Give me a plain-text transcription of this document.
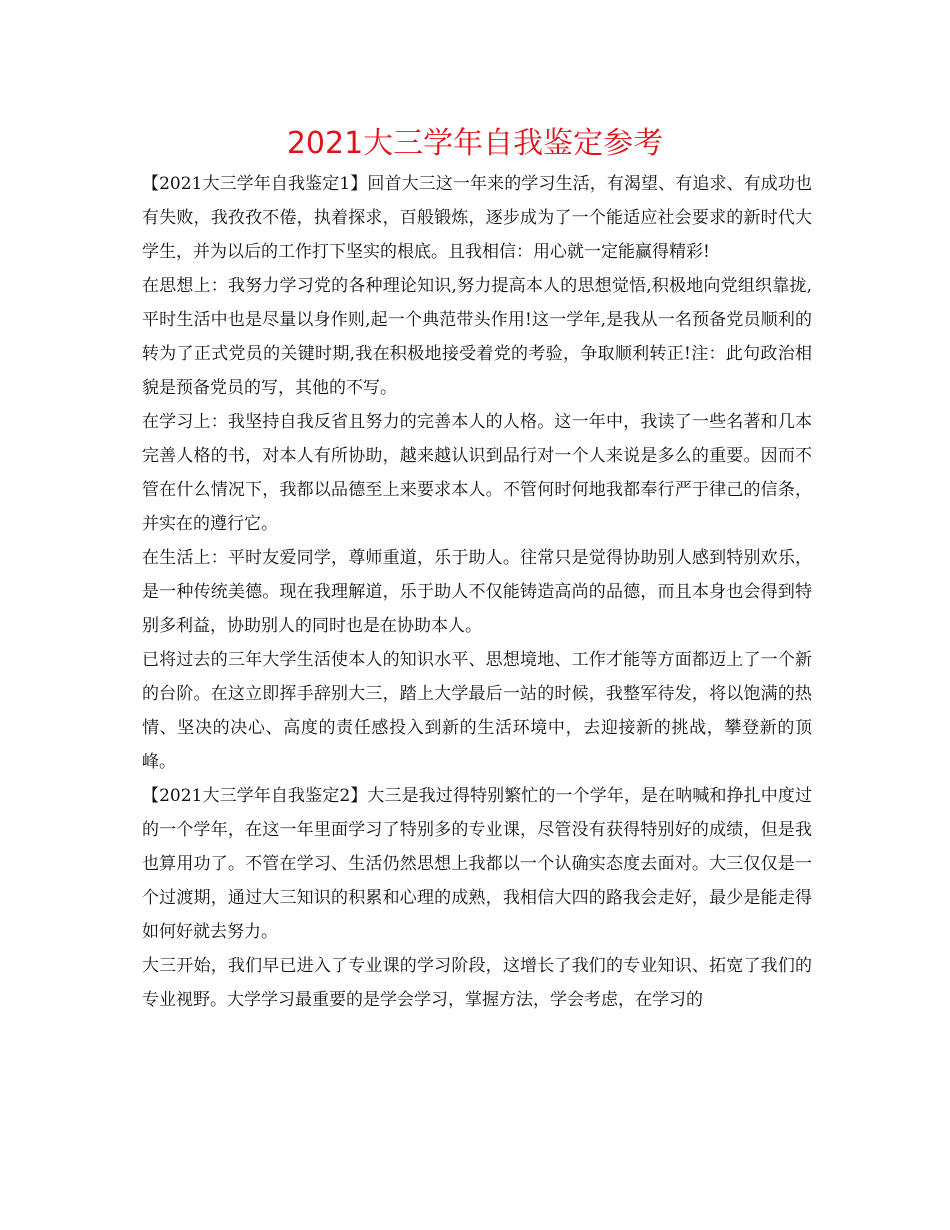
2021大三学年自我鉴定参考

【2021大三学年自我鉴定1】回首大三这一年来的学习生活，有渴望、有追求、有成功也有失败，我孜孜不倦，执着探求，百般锻炼，逐步成为了一个能适应社会要求的新时代大学生，并为以后的工作打下坚实的根底。且我相信：用心就一定能赢得精彩!

在思想上：我努力学习党的各种理论知识,努力提高本人的思想觉悟,积极地向党组织靠拢,平时生活中也是尽量以身作则,起一个典范带头作用!这一学年,是我从一名预备党员顺利的转为了正式党员的关键时期,我在积极地接受着党的考验，争取顺利转正!注：此句政治相貌是预备党员的写，其他的不写。

在学习上：我坚持自我反省且努力的完善本人的人格。这一年中，我读了一些名著和几本完善人格的书，对本人有所协助，越来越认识到品行对一个人来说是多么的重要。因而不管在什么情况下，我都以品德至上来要求本人。不管何时何地我都奉行严于律己的信条，并实在的遵行它。

在生活上：平时友爱同学，尊师重道，乐于助人。往常只是觉得协助别人感到特别欢乐，是一种传统美德。现在我理解道，乐于助人不仅能铸造高尚的品德，而且本身也会得到特别多利益，协助别人的同时也是在协助本人。

已将过去的三年大学生活使本人的知识水平、思想境地、工作才能等方面都迈上了一个新的台阶。在这立即挥手辞别大三，踏上大学最后一站的时候，我整军待发，将以饱满的热情、坚决的决心、高度的责任感投入到新的生活环境中，去迎接新的挑战，攀登新的顶峰。

【2021大三学年自我鉴定2】大三是我过得特别繁忙的一个学年，是在呐喊和挣扎中度过的一个学年，在这一年里面学习了特别多的专业课，尽管没有获得特别好的成绩，但是我也算用功了。不管在学习、生活仍然思想上我都以一个认确实态度去面对。大三仅仅是一个过渡期，通过大三知识的积累和心理的成熟，我相信大四的路我会走好，最少是能走得如何好就去努力。

大三开始，我们早已进入了专业课的学习阶段，这增长了我们的专业知识、拓宽了我们的专业视野。大学学习最重要的是学会学习，掌握方法，学会考虑，在学习的
